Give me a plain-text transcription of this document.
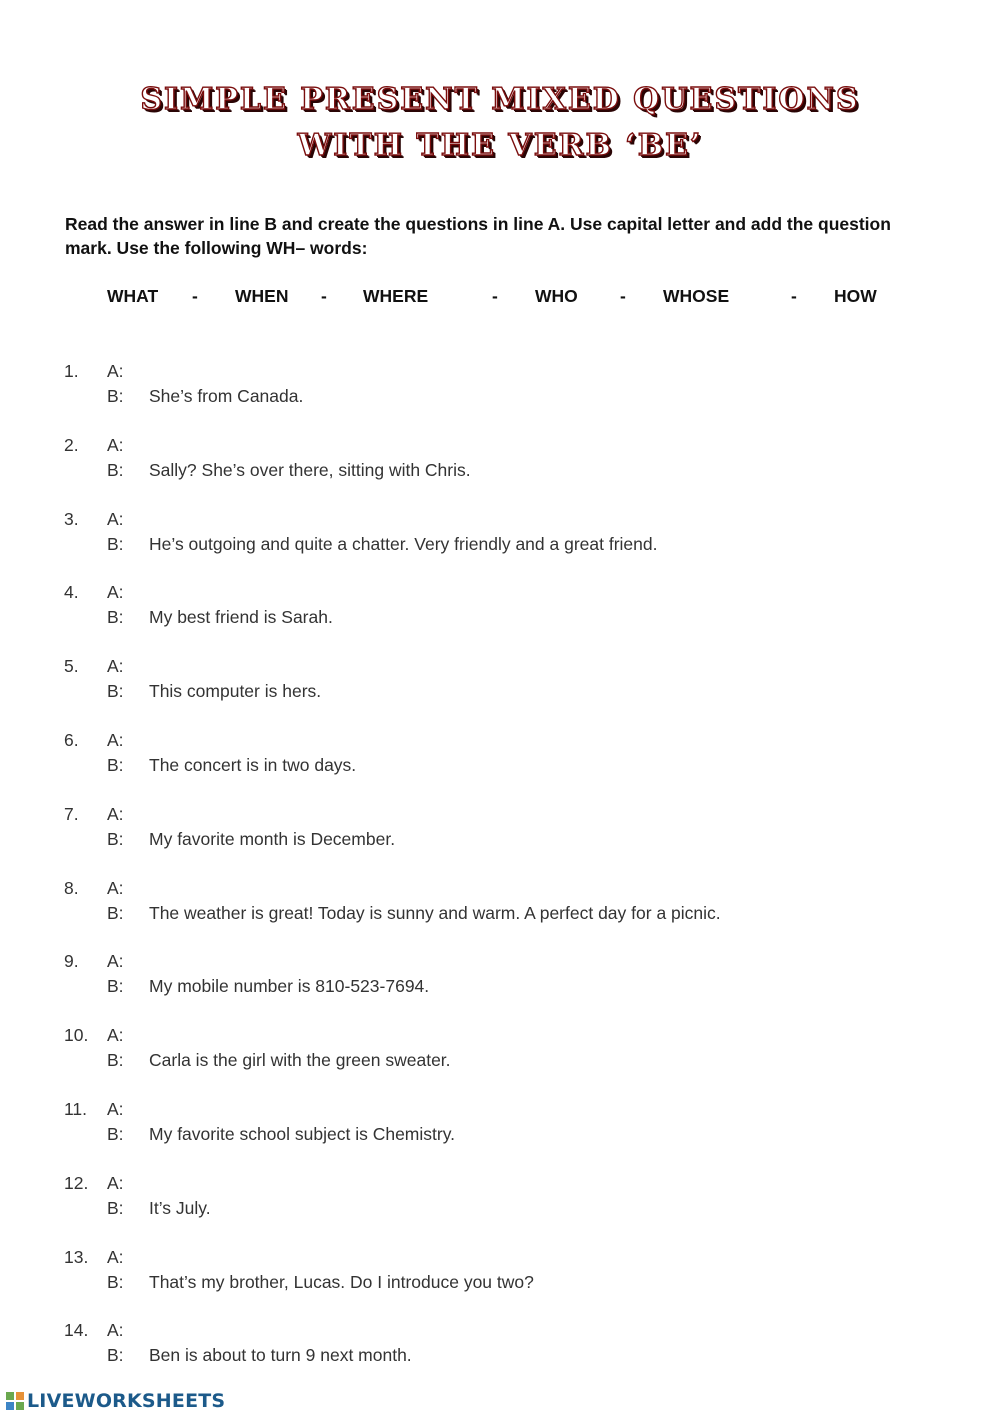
SIMPLE PRESENT MIXED QUESTIONS
WITH THE VERB ‘BE’
Read the answer in line B and create the questions in line A. Use capital letter and add the question mark. Use the following WH– words:
WHAT - WHEN - WHERE	- WHO - WHOSE	- HOW
1. A:
B: She’s from Canada.
2. A:
B: Sally? She’s over there, sitting with Chris.
3. A:
B: He’s outgoing and quite a chatter. Very friendly and a great friend.
4. A:
B: My best friend is Sarah.
5. A:
B: This computer is hers.
6. A:
B: The concert is in two days.
7. A:
B: My favorite month is December.
8. A:
B: The weather is great! Today is sunny and warm. A perfect day for a picnic.
9. A:
B: My mobile number is 810-523-7694.
10. A:
B: Carla is the girl with the green sweater.
11. A:
B: My favorite school subject is Chemistry.
12. A:
B: It’s July.
13. A:
B: That’s my brother, Lucas. Do I introduce you two?
14. A:
B: Ben is about to turn 9 next month.
LIVEWORKSHEETS
